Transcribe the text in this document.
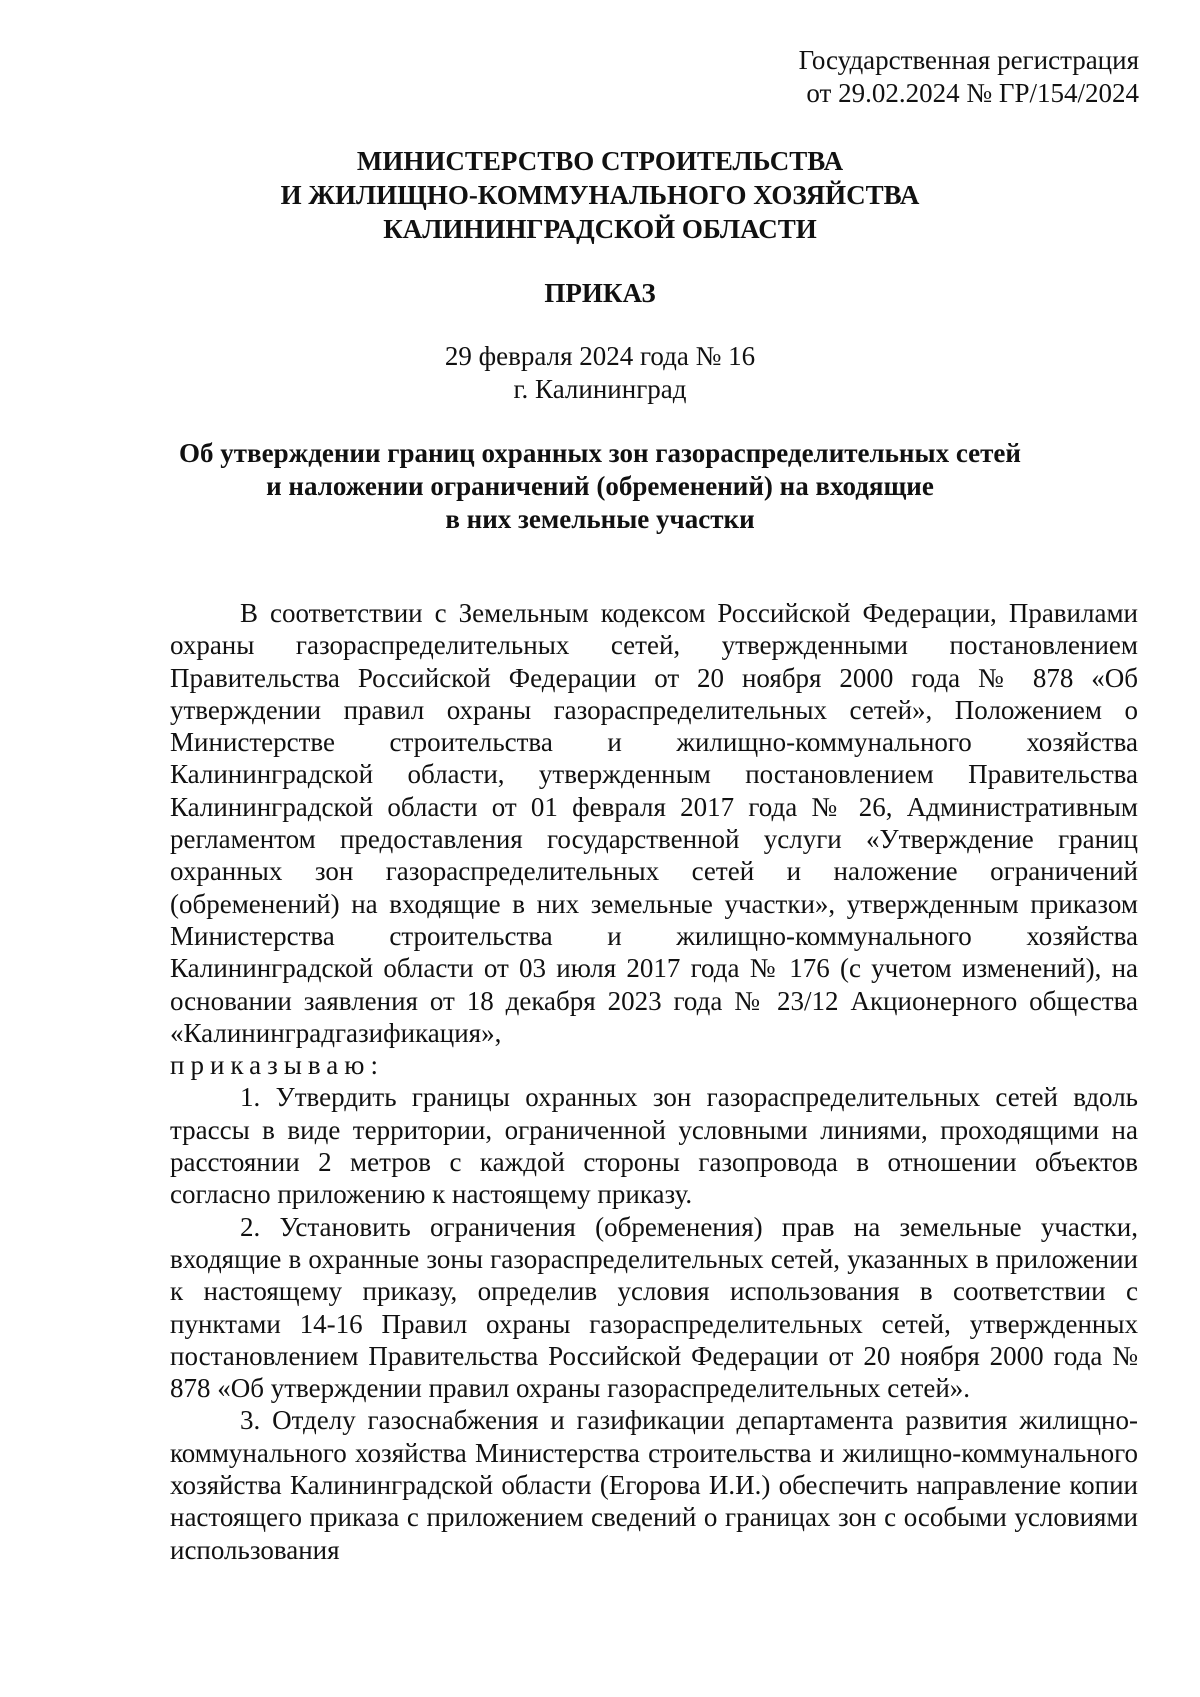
Государственная регистрация
от 29.02.2024 № ГР/154/2024
МИНИСТЕРСТВО СТРОИТЕЛЬСТВА
И ЖИЛИЩНО-КОММУНАЛЬНОГО ХОЗЯЙСТВА
КАЛИНИНГРАДСКОЙ ОБЛАСТИ
ПРИКАЗ
29 февраля 2024 года № 16
г. Калининград
Об утверждении границ охранных зон газораспределительных сетей
и наложении ограничений (обременений) на входящие
в них земельные участки

В соответствии с Земельным кодексом Российской Федерации, Правилами охраны газораспределительных сетей, утвержденными постановлением Правительства Российской Федерации от 20 ноября 2000 года № 878 «Об утверждении правил охраны газораспределительных сетей», Положением о Министерстве строительства и жилищно-коммунального хозяйства Калининградской области, утвержденным постановлением Правительства Калининградской области от 01 февраля 2017 года № 26, Административным регламентом предоставления государственной услуги «Утверждение границ охранных зон газораспределительных сетей и наложение ограничений (обременений) на входящие в них земельные участки», утвержденным приказом Министерства строительства и жилищно-коммунального хозяйства Калининградской области от 03 июля 2017 года № 176 (с учетом изменений), на основании заявления от 18 декабря 2023 года № 23/12 Акционерного общества «Калининградгазификация»,

приказываю:

1. Утвердить границы охранных зон газораспределительных сетей вдоль трассы в виде территории, ограниченной условными линиями, проходящими на расстоянии 2 метров с каждой стороны газопровода в отношении объектов согласно приложению к настоящему приказу.

2. Установить ограничения (обременения) прав на земельные участки, входящие в охранные зоны газораспределительных сетей, указанных в приложении к настоящему приказу, определив условия использования в соответствии с пунктами 14-16 Правил охраны газораспределительных сетей, утвержденных постановлением Правительства Российской Федерации от 20 ноября 2000 года № 878 «Об утверждении правил охраны газораспределительных сетей».

3. Отделу газоснабжения и газификации департамента развития жилищно-коммунального хозяйства Министерства строительства и жилищно-коммунального хозяйства Калининградской области (Егорова И.И.) обеспечить направление копии настоящего приказа с приложением сведений о границах зон с особыми условиями использования
